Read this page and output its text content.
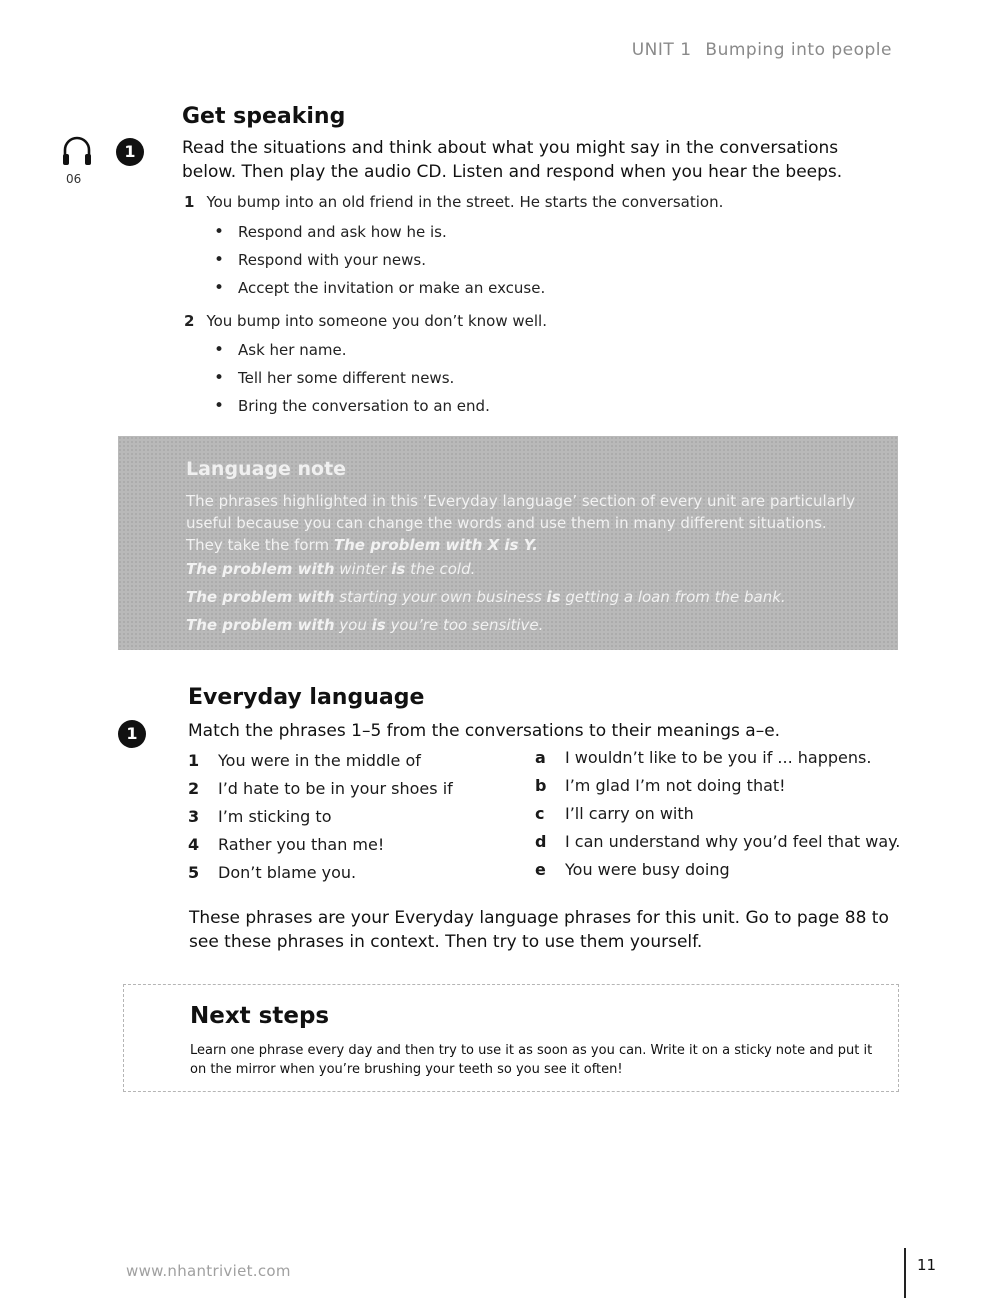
UNIT 1 Bumping into people
06
1
Get speaking
Read the situations and think about what you might say in the conversations
below. Then play the audio CD. Listen and respond when you hear the beeps.
1 You bump into an old friend in the street. He starts the conversation.
• Respond and ask how he is.
• Respond with your news.
• Accept the invitation or make an excuse.
2 You bump into someone you don’t know well.
• Ask her name.
• Tell her some different news.
• Bring the conversation to an end.
Language note
The phrases highlighted in this ‘Everyday language’ section of every unit are particularly
useful because you can change the words and use them in many different situations.
They take the form The problem with X is Y.
The problem with winter is the cold.
The problem with starting your own business is getting a loan from the bank.
The problem with you is you’re too sensitive.
Everyday language
1	Match the phrases 1–5 from the conversations to their meanings a–e.
1 You were in the middle of
2 I’d hate to be in your shoes if
3 I’m sticking to
4 Rather you than me!
5 Don’t blame you.
a I wouldn’t like to be you if ... happens.
b I’m glad I’m not doing that!
c I’ll carry on with
d I can understand why you’d feel that way.
e You were busy doing
These phrases are your Everyday language phrases for this unit. Go to page 88 to
see these phrases in context. Then try to use them yourself.
Next steps
Learn one phrase every day and then try to use it as soon as you can. Write it on a sticky note and put it
on the mirror when you’re brushing your teeth so you see it often!
www.nhantriviet.com	11
